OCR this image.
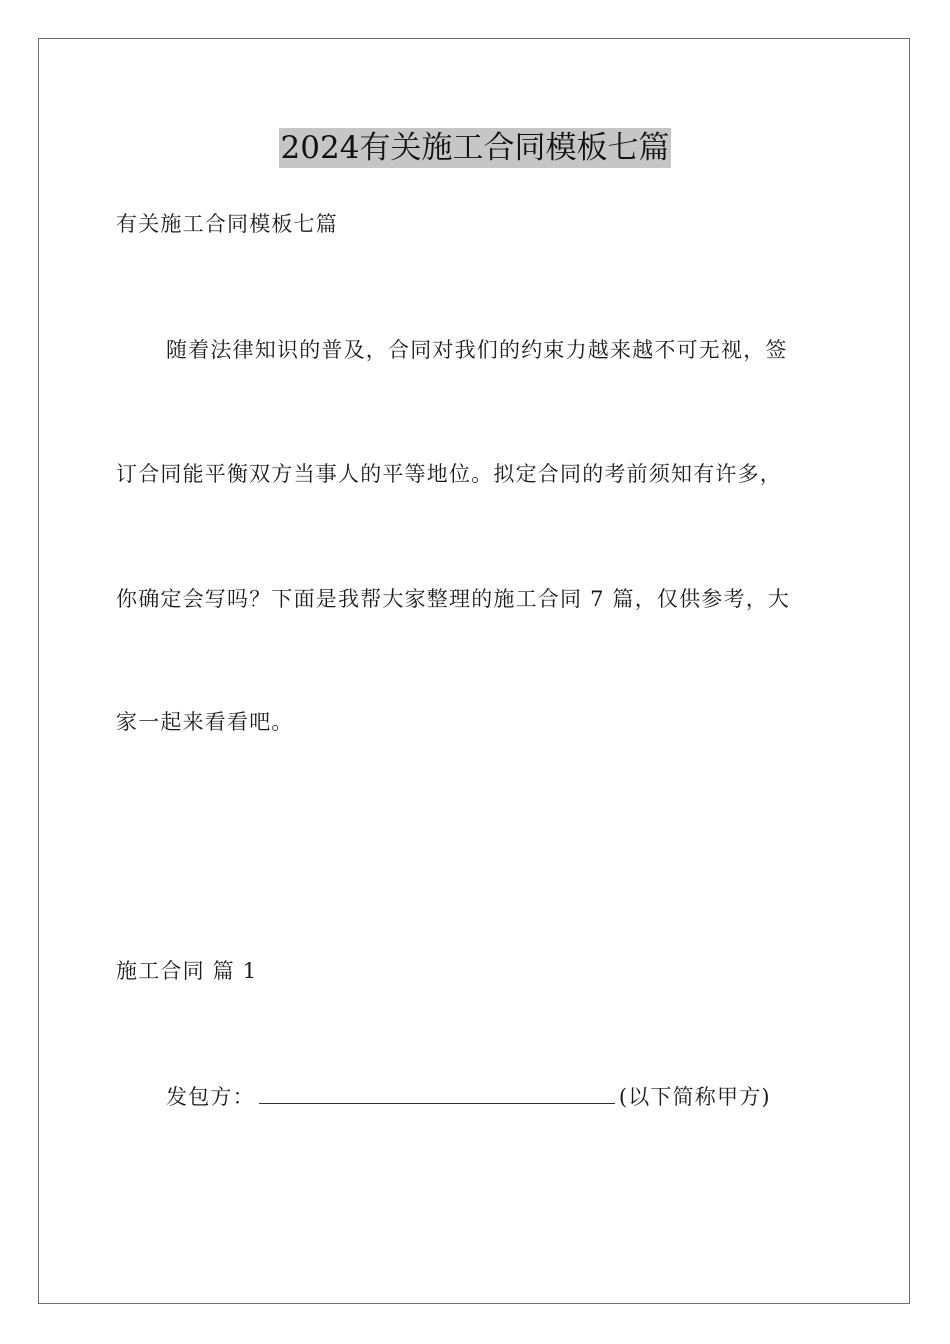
2024有关施工合同模板七篇
有关施工合同模板七篇
随着法律知识的普及，合同对我们的约束力越来越不可无视，签
订合同能平衡双方当事人的平等地位。拟定合同的考前须知有许多，
你确定会写吗？下面是我帮大家整理的施工合同 7 篇，仅供参考，大
家一起来看看吧。
施工合同 篇 1
发包方：	(以下简称甲方)
